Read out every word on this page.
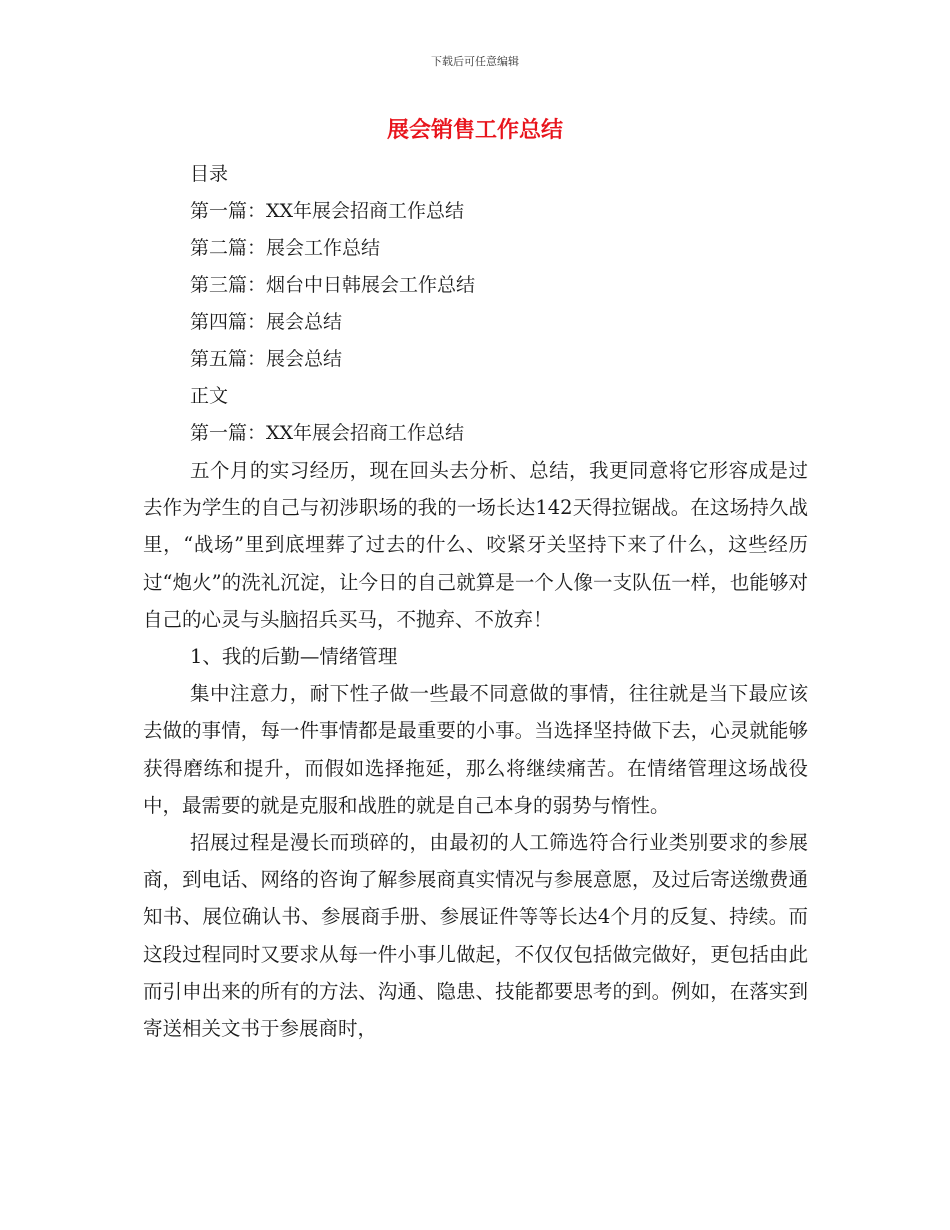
下载后可任意编辑
展会销售工作总结
目录
第一篇：XX年展会招商工作总结
第二篇：展会工作总结
第三篇：烟台中日韩展会工作总结
第四篇：展会总结
第五篇：展会总结
正文
第一篇：XX年展会招商工作总结

五个月的实习经历，现在回头去分析、总结，我更同意将它形容成是过去作为学生的自己与初涉职场的我的一场长达142天得拉锯战。在这场持久战里，“战场”里到底埋葬了过去的什么、咬紧牙关坚持下来了什么，这些经历过“炮火”的洗礼沉淀，让今日的自己就算是一个人像一支队伍一样，也能够对自己的心灵与头脑招兵买马，不抛弃、不放弃！

1、我的后勤—情绪管理

集中注意力，耐下性子做一些最不同意做的事情，往往就是当下最应该去做的事情，每一件事情都是最重要的小事。当选择坚持做下去，心灵就能够获得磨练和提升，而假如选择拖延，那么将继续痛苦。在情绪管理这场战役中，最需要的就是克服和战胜的就是自己本身的弱势与惰性。

招展过程是漫长而琐碎的，由最初的人工筛选符合行业类别要求的参展商，到电话、网络的咨询了解参展商真实情况与参展意愿，及过后寄送缴费通知书、展位确认书、参展商手册、参展证件等等长达4个月的反复、持续。而这段过程同时又要求从每一件小事儿做起，不仅仅包括做完做好，更包括由此而引申出来的所有的方法、沟通、隐患、技能都要思考的到。例如，在落实到寄送相关文书于参展商时，
